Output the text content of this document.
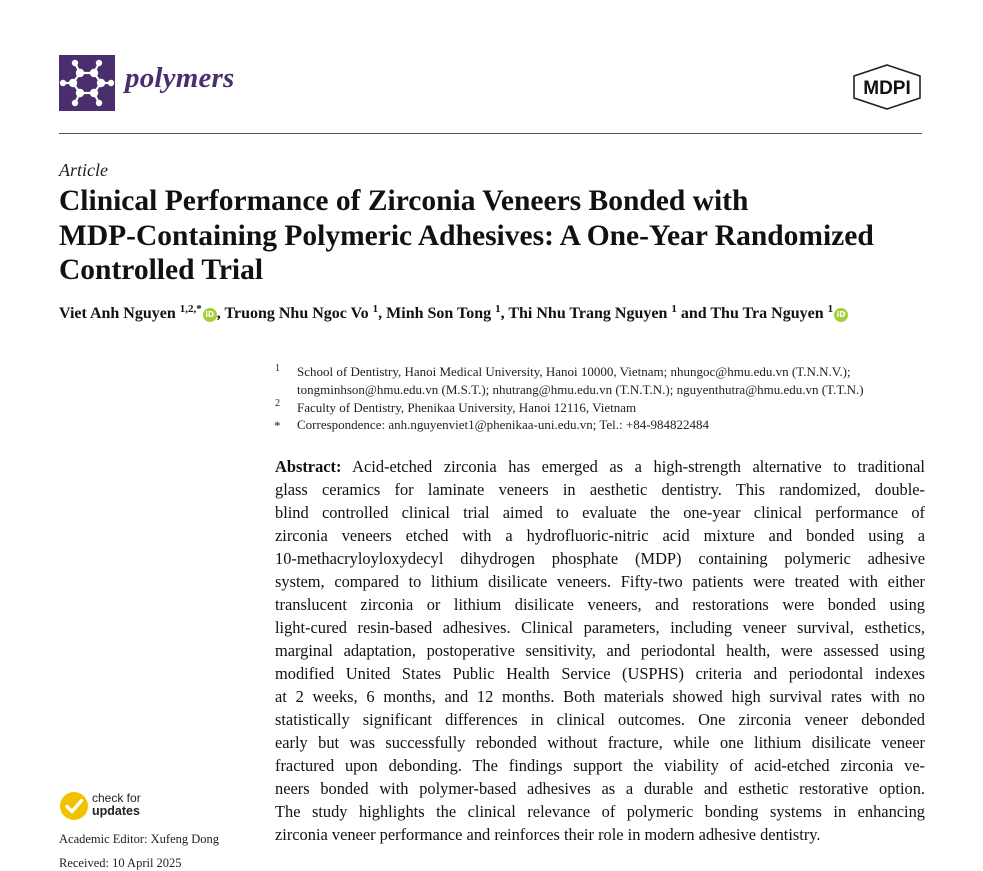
polymers	MDPI
Article
Clinical Performance of Zirconia Veneers Bonded with
MDP-Containing Polymeric Adhesives: A One-Year Randomized
Controlled Trial
Viet Anh Nguyen $^{1,2,*}$ iD , Truong Nhu Ngoc Vo $^1$, Minh Son Tong $^1$, Thi Nhu Trang Nguyen $^1$ and Thu Tra Nguyen $^1$ iD
1 School of Dentistry, Hanoi Medical University, Hanoi 10000, Vietnam; nhungoc@hmu.edu.vn (T.N.N.V.);
tongminhson@hmu.edu.vn (M.S.T.); nhutrang@hmu.edu.vn (T.N.T.N.); nguyenthutra@hmu.edu.vn (T.T.N.)
2 Faculty of Dentistry, Phenikaa University, Hanoi 12116, Vietnam
* Correspondence: anh.nguyenviet1@phenikaa-uni.edu.vn; Tel.: +84-984822484
Abstract: Acid-etched zirconia has emerged as a high-strength alternative to traditional
glass ceramics for laminate veneers in aesthetic dentistry. This randomized, double-
blind controlled clinical trial aimed to evaluate the one-year clinical performance of
zirconia veneers etched with a hydrofluoric-nitric acid mixture and bonded using a
10-methacryloyloxydecyl dihydrogen phosphate (MDP) containing polymeric adhesive
system, compared to lithium disilicate veneers. Fifty-two patients were treated with either
translucent zirconia or lithium disilicate veneers, and restorations were bonded using
light-cured resin-based adhesives. Clinical parameters, including veneer survival, esthetics,
marginal adaptation, postoperative sensitivity, and periodontal health, were assessed using
modified United States Public Health Service (USPHS) criteria and periodontal indexes
at 2 weeks, 6 months, and 12 months. Both materials showed high survival rates with no
statistically significant differences in clinical outcomes. One zirconia veneer debonded
early but was successfully rebonded without fracture, while one lithium disilicate veneer
fractured upon debonding. The findings support the viability of acid-etched zirconia ve-
neers bonded with polymer-based adhesives as a durable and esthetic restorative option.
The study highlights the clinical relevance of polymeric bonding systems in enhancing
zirconia veneer performance and reinforces their role in modern adhesive dentistry.
check for
updates
Academic Editor: Xufeng Dong
Received: 10 April 2025
